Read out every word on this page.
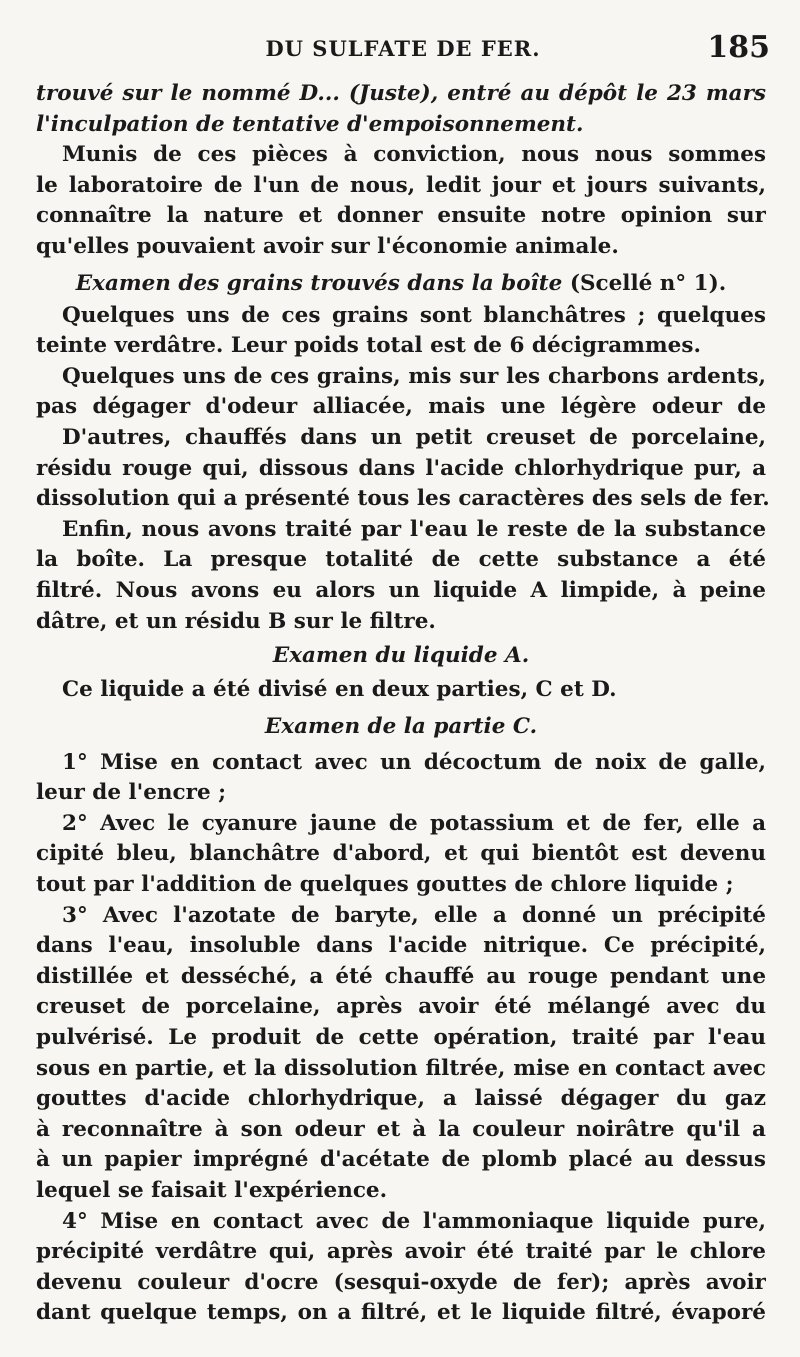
DU SULFATE DE FER.	185
trouvé sur le nommé D... (Juste), entré au dépôt le 23 mars
l'inculpation de tentative d'empoisonnement.
Munis de ces pièces à conviction, nous nous sommes
le laboratoire de l'un de nous, ledit jour et jours suivants,
connaître la nature et donner ensuite notre opinion sur
qu'elles pouvaient avoir sur l'économie animale.
Examen des grains trouvés dans la boîte (Scellé n° 1).
Quelques uns de ces grains sont blanchâtres ; quelques
teinte verdâtre. Leur poids total est de 6 décigrammes.
Quelques uns de ces grains, mis sur les charbons ardents,
pas dégager d'odeur alliacée, mais une légère odeur de
D'autres, chauffés dans un petit creuset de porcelaine,
résidu rouge qui, dissous dans l'acide chlorhydrique pur, a
dissolution qui a présenté tous les caractères des sels de fer.
Enfin, nous avons traité par l'eau le reste de la substance
la boîte. La presque totalité de cette substance a été
filtré. Nous avons eu alors un liquide A limpide, à peine
dâtre, et un résidu B sur le filtre.
Examen du liquide A.
Ce liquide a été divisé en deux parties, C et D.
Examen de la partie C.
1° Mise en contact avec un décoctum de noix de galle,
leur de l'encre ;
2° Avec le cyanure jaune de potassium et de fer, elle a
cipité bleu, blanchâtre d'abord, et qui bientôt est devenu
tout par l'addition de quelques gouttes de chlore liquide ;
3° Avec l'azotate de baryte, elle a donné un précipité
dans l'eau, insoluble dans l'acide nitrique. Ce précipité,
distillée et desséché, a été chauffé au rouge pendant une
creuset de porcelaine, après avoir été mélangé avec du
pulvérisé. Le produit de cette opération, traité par l'eau
sous en partie, et la dissolution filtrée, mise en contact avec
gouttes d'acide chlorhydrique, a laissé dégager du gaz
à reconnaître à son odeur et à la couleur noirâtre qu'il a
à un papier imprégné d'acétate de plomb placé au dessus
lequel se faisait l'expérience.
4° Mise en contact avec de l'ammoniaque liquide pure,
précipité verdâtre qui, après avoir été traité par le chlore
devenu couleur d'ocre (sesqui-oxyde de fer); après avoir
dant quelque temps, on a filtré, et le liquide filtré, évaporé
